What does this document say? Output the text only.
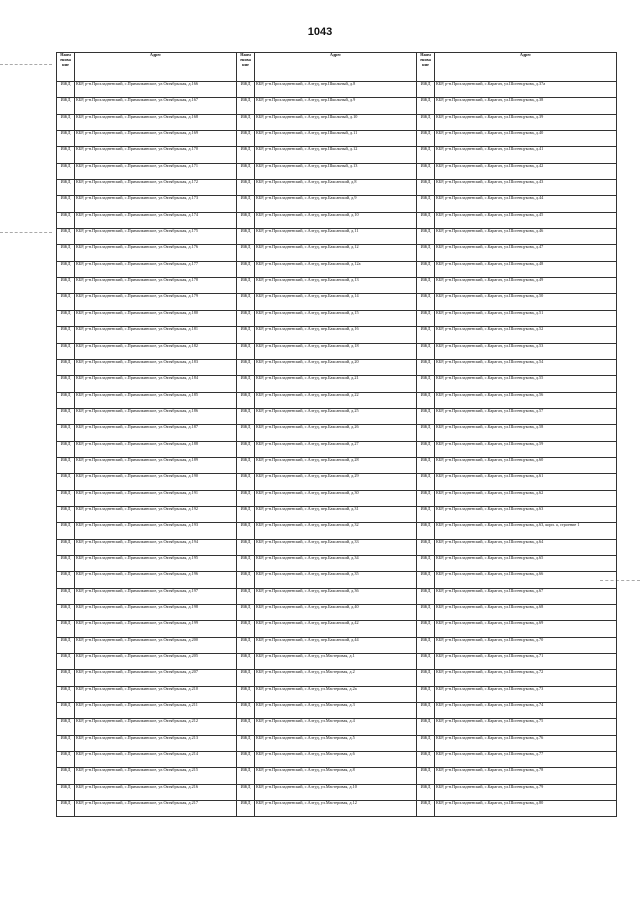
1043
Наим енова ние	Адрес	Наим енова ние	Адрес	Наим енова ние	Адрес
ИЖД	КБР, р-н.Прохладненский, с.Прималкинское, ул.Октябрьская, д.166	ИЖД	КБР, р-н.Прохладненский, с.Алтуд, пер.Школьный, д.8	ИЖД	КБР, р-н.Прохладненский, с.Карагач, ул.Шогенцукова, д.37а
ИЖД	КБР, р-н.Прохладненский, с.Прималкинское, ул.Октябрьская, д.167	ИЖД	КБР, р-н.Прохладненский, с.Алтуд, пер.Школьный, д.9	ИЖД	КБР, р-н.Прохладненский, с.Карагач, ул.Шогенцукова, д.38
ИЖД	КБР, р-н.Прохладненский, с.Прималкинское, ул.Октябрьская, д.168	ИЖД	КБР, р-н.Прохладненский, с.Алтуд, пер.Школьный, д.10	ИЖД	КБР, р-н.Прохладненский, с.Карагач, ул.Шогенцукова, д.39
ИЖД	КБР, р-н.Прохладненский, с.Прималкинское, ул.Октябрьская, д.169	ИЖД	КБР, р-н.Прохладненский, с.Алтуд, пер.Школьный, д.11	ИЖД	КБР, р-н.Прохладненский, с.Карагач, ул.Шогенцукова, д.40
ИЖД	КБР, р-н.Прохладненский, с.Прималкинское, ул.Октябрьская, д.170	ИЖД	КБР, р-н.Прохладненский, с.Алтуд, пер.Школьный, д.12	ИЖД	КБР, р-н.Прохладненский, с.Карагач, ул.Шогенцукова, д.41
ИЖД	КБР, р-н.Прохладненский, с.Прималкинское, ул.Октябрьская, д.171	ИЖД	КБР, р-н.Прохладненский, с.Алтуд, пер.Школьный, д.13	ИЖД	КБР, р-н.Прохладненский, с.Карагач, ул.Шогенцукова, д.42
ИЖД	КБР, р-н.Прохладненский, с.Прималкинское, ул.Октябрьская, д.172	ИЖД	КБР, р-н.Прохладненский, с.Алтуд, пер.Баксанский, д.8	ИЖД	КБР, р-н.Прохладненский, с.Карагач, ул.Шогенцукова, д.43
ИЖД	КБР, р-н.Прохладненский, с.Прималкинское, ул.Октябрьская, д.173	ИЖД	КБР, р-н.Прохладненский, с.Алтуд, пер.Баксанский, д.9	ИЖД	КБР, р-н.Прохладненский, с.Карагач, ул.Шогенцукова, д.44
ИЖД	КБР, р-н.Прохладненский, с.Прималкинское, ул.Октябрьская, д.174	ИЖД	КБР, р-н.Прохладненский, с.Алтуд, пер.Баксанский, д.10	ИЖД	КБР, р-н.Прохладненский, с.Карагач, ул.Шогенцукова, д.45
ИЖД	КБР, р-н.Прохладненский, с.Прималкинское, ул.Октябрьская, д.175	ИЖД	КБР, р-н.Прохладненский, с.Алтуд, пер.Баксанский, д.11	ИЖД	КБР, р-н.Прохладненский, с.Карагач, ул.Шогенцукова, д.46
ИЖД	КБР, р-н.Прохладненский, с.Прималкинское, ул.Октябрьская, д.176	ИЖД	КБР, р-н.Прохладненский, с.Алтуд, пер.Баксанский, д.12	ИЖД	КБР, р-н.Прохладненский, с.Карагач, ул.Шогенцукова, д.47
ИЖД	КБР, р-н.Прохладненский, с.Прималкинское, ул.Октябрьская, д.177	ИЖД	КБР, р-н.Прохладненский, с.Алтуд, пер.Баксанский, д.12а	ИЖД	КБР, р-н.Прохладненский, с.Карагач, ул.Шогенцукова, д.48
ИЖД	КБР, р-н.Прохладненский, с.Прималкинское, ул.Октябрьская, д.178	ИЖД	КБР, р-н.Прохладненский, с.Алтуд, пер.Баксанский, д.13	ИЖД	КБР, р-н.Прохладненский, с.Карагач, ул.Шогенцукова, д.49
ИЖД	КБР, р-н.Прохладненский, с.Прималкинское, ул.Октябрьская, д.179	ИЖД	КБР, р-н.Прохладненский, с.Алтуд, пер.Баксанский, д.14	ИЖД	КБР, р-н.Прохладненский, с.Карагач, ул.Шогенцукова, д.50
ИЖД	КБР, р-н.Прохладненский, с.Прималкинское, ул.Октябрьская, д.180	ИЖД	КБР, р-н.Прохладненский, с.Алтуд, пер.Баксанский, д.15	ИЖД	КБР, р-н.Прохладненский, с.Карагач, ул.Шогенцукова, д.51
ИЖД	КБР, р-н.Прохладненский, с.Прималкинское, ул.Октябрьская, д.181	ИЖД	КБР, р-н.Прохладненский, с.Алтуд, пер.Баксанский, д.16	ИЖД	КБР, р-н.Прохладненский, с.Карагач, ул.Шогенцукова, д.52
ИЖД	КБР, р-н.Прохладненский, с.Прималкинское, ул.Октябрьская, д.182	ИЖД	КБР, р-н.Прохладненский, с.Алтуд, пер.Баксанский, д.18	ИЖД	КБР, р-н.Прохладненский, с.Карагач, ул.Шогенцукова, д.53
ИЖД	КБР, р-н.Прохладненский, с.Прималкинское, ул.Октябрьская, д.183	ИЖД	КБР, р-н.Прохладненский, с.Алтуд, пер.Баксанский, д.20	ИЖД	КБР, р-н.Прохладненский, с.Карагач, ул.Шогенцукова, д.54
ИЖД	КБР, р-н.Прохладненский, с.Прималкинское, ул.Октябрьская, д.184	ИЖД	КБР, р-н.Прохладненский, с.Алтуд, пер.Баксанский, д.21	ИЖД	КБР, р-н.Прохладненский, с.Карагач, ул.Шогенцукова, д.55
ИЖД	КБР, р-н.Прохладненский, с.Прималкинское, ул.Октябрьская, д.185	ИЖД	КБР, р-н.Прохладненский, с.Алтуд, пер.Баксанский, д.22	ИЖД	КБР, р-н.Прохладненский, с.Карагач, ул.Шогенцукова, д.56
ИЖД	КБР, р-н.Прохладненский, с.Прималкинское, ул.Октябрьская, д.186	ИЖД	КБР, р-н.Прохладненский, с.Алтуд, пер.Баксанский, д.25	ИЖД	КБР, р-н.Прохладненский, с.Карагач, ул.Шогенцукова, д.57
ИЖД	КБР, р-н.Прохладненский, с.Прималкинское, ул.Октябрьская, д.187	ИЖД	КБР, р-н.Прохладненский, с.Алтуд, пер.Баксанский, д.26	ИЖД	КБР, р-н.Прохладненский, с.Карагач, ул.Шогенцукова, д.58
ИЖД	КБР, р-н.Прохладненский, с.Прималкинское, ул.Октябрьская, д.188	ИЖД	КБР, р-н.Прохладненский, с.Алтуд, пер.Баксанский, д.27	ИЖД	КБР, р-н.Прохладненский, с.Карагач, ул.Шогенцукова, д.59
ИЖД	КБР, р-н.Прохладненский, с.Прималкинское, ул.Октябрьская, д.189	ИЖД	КБР, р-н.Прохладненский, с.Алтуд, пер.Баксанский, д.28	ИЖД	КБР, р-н.Прохладненский, с.Карагач, ул.Шогенцукова, д.60
ИЖД	КБР, р-н.Прохладненский, с.Прималкинское, ул.Октябрьская, д.190	ИЖД	КБР, р-н.Прохладненский, с.Алтуд, пер.Баксанский, д.29	ИЖД	КБР, р-н.Прохладненский, с.Карагач, ул.Шогенцукова, д.61
ИЖД	КБР, р-н.Прохладненский, с.Прималкинское, ул.Октябрьская, д.191	ИЖД	КБР, р-н.Прохладненский, с.Алтуд, пер.Баксанский, д.30	ИЖД	КБР, р-н.Прохладненский, с.Карагач, ул.Шогенцукова, д.62
ИЖД	КБР, р-н.Прохладненский, с.Прималкинское, ул.Октябрьская, д.192	ИЖД	КБР, р-н.Прохладненский, с.Алтуд, пер.Баксанский, д.31	ИЖД	КБР, р-н.Прохладненский, с.Карагач, ул.Шогенцукова, д.63
ИЖД	КБР, р-н.Прохладненский, с.Прималкинское, ул.Октябрьская, д.193	ИЖД	КБР, р-н.Прохладненский, с.Алтуд, пер.Баксанский, д.32	ИЖД	КБР, р-н.Прохладненский, с.Карагач, ул.Шогенцукова, д.63, корп. а, строение 1
ИЖД	КБР, р-н.Прохладненский, с.Прималкинское, ул.Октябрьская, д.194	ИЖД	КБР, р-н.Прохладненский, с.Алтуд, пер.Баксанский, д.33	ИЖД	КБР, р-н.Прохладненский, с.Карагач, ул.Шогенцукова, д.64
ИЖД	КБР, р-н.Прохладненский, с.Прималкинское, ул.Октябрьская, д.195	ИЖД	КБР, р-н.Прохладненский, с.Алтуд, пер.Баксанский, д.34	ИЖД	КБР, р-н.Прохладненский, с.Карагач, ул.Шогенцукова, д.65
ИЖД	КБР, р-н.Прохладненский, с.Прималкинское, ул.Октябрьская, д.196	ИЖД	КБР, р-н.Прохладненский, с.Алтуд, пер.Баксанский, д.35	ИЖД	КБР, р-н.Прохладненский, с.Карагач, ул.Шогенцукова, д.66
ИЖД	КБР, р-н.Прохладненский, с.Прималкинское, ул.Октябрьская, д.197	ИЖД	КБР, р-н.Прохладненский, с.Алтуд, пер.Баксанский, д.36	ИЖД	КБР, р-н.Прохладненский, с.Карагач, ул.Шогенцукова, д.67
ИЖД	КБР, р-н.Прохладненский, с.Прималкинское, ул.Октябрьская, д.198	ИЖД	КБР, р-н.Прохладненский, с.Алтуд, пер.Баксанский, д.40	ИЖД	КБР, р-н.Прохладненский, с.Карагач, ул.Шогенцукова, д.68
ИЖД	КБР, р-н.Прохладненский, с.Прималкинское, ул.Октябрьская, д.199	ИЖД	КБР, р-н.Прохладненский, с.Алтуд, пер.Баксанский, д.42	ИЖД	КБР, р-н.Прохладненский, с.Карагач, ул.Шогенцукова, д.69
ИЖД	КБР, р-н.Прохладненский, с.Прималкинское, ул.Октябрьская, д.200	ИЖД	КБР, р-н.Прохладненский, с.Алтуд, пер.Баксанский, д.44	ИЖД	КБР, р-н.Прохладненский, с.Карагач, ул.Шогенцукова, д.70
ИЖД	КБР, р-н.Прохладненский, с.Прималкинское, ул.Октябрьская, д.205	ИЖД	КБР, р-н.Прохладненский, с.Алтуд, ул.Мастеровая, д.1	ИЖД	КБР, р-н.Прохладненский, с.Карагач, ул.Шогенцукова, д.71
ИЖД	КБР, р-н.Прохладненский, с.Прималкинское, ул.Октябрьская, д.207	ИЖД	КБР, р-н.Прохладненский, с.Алтуд, ул.Мастеровая, д.2	ИЖД	КБР, р-н.Прохладненский, с.Карагач, ул.Шогенцукова, д.72
ИЖД	КБР, р-н.Прохладненский, с.Прималкинское, ул.Октябрьская, д.210	ИЖД	КБР, р-н.Прохладненский, с.Алтуд, ул.Мастеровая, д.2а	ИЖД	КБР, р-н.Прохладненский, с.Карагач, ул.Шогенцукова, д.73
ИЖД	КБР, р-н.Прохладненский, с.Прималкинское, ул.Октябрьская, д.211	ИЖД	КБР, р-н.Прохладненский, с.Алтуд, ул.Мастеровая, д.3	ИЖД	КБР, р-н.Прохладненский, с.Карагач, ул.Шогенцукова, д.74
ИЖД	КБР, р-н.Прохладненский, с.Прималкинское, ул.Октябрьская, д.212	ИЖД	КБР, р-н.Прохладненский, с.Алтуд, ул.Мастеровая, д.4	ИЖД	КБР, р-н.Прохладненский, с.Карагач, ул.Шогенцукова, д.75
ИЖД	КБР, р-н.Прохладненский, с.Прималкинское, ул.Октябрьская, д.213	ИЖД	КБР, р-н.Прохладненский, с.Алтуд, ул.Мастеровая, д.5	ИЖД	КБР, р-н.Прохладненский, с.Карагач, ул.Шогенцукова, д.76
ИЖД	КБР, р-н.Прохладненский, с.Прималкинское, ул.Октябрьская, д.214	ИЖД	КБР, р-н.Прохладненский, с.Алтуд, ул.Мастеровая, д.6	ИЖД	КБР, р-н.Прохладненский, с.Карагач, ул.Шогенцукова, д.77
ИЖД	КБР, р-н.Прохладненский, с.Прималкинское, ул.Октябрьская, д.215	ИЖД	КБР, р-н.Прохладненский, с.Алтуд, ул.Мастеровая, д.8	ИЖД	КБР, р-н.Прохладненский, с.Карагач, ул.Шогенцукова, д.78
ИЖД	КБР, р-н.Прохладненский, с.Прималкинское, ул.Октябрьская, д.216	ИЖД	КБР, р-н.Прохладненский, с.Алтуд, ул.Мастеровая, д.10	ИЖД	КБР, р-н.Прохладненский, с.Карагач, ул.Шогенцукова, д.79
ИЖД	КБР, р-н.Прохладненский, с.Прималкинское, ул.Октябрьская, д.217	ИЖД	КБР, р-н.Прохладненский, с.Алтуд, ул.Мастеровая, д.12	ИЖД	КБР, р-н.Прохладненский, с.Карагач, ул.Шогенцукова, д.80
